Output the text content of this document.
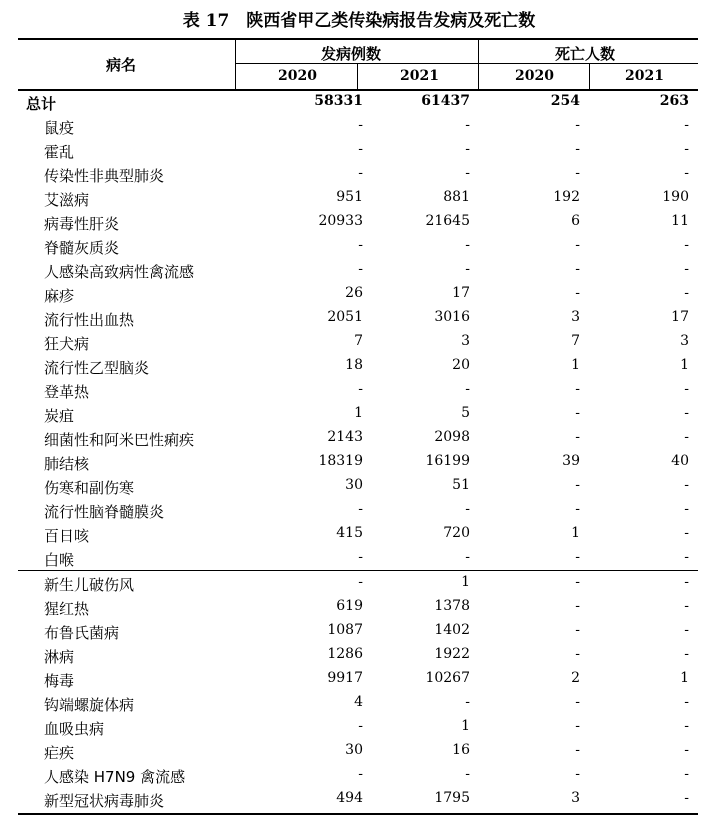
表 17　陕西省甲乙类传染病报告发病及死亡数
病名
发病例数	死亡人数
2020	2021	2020	2021
总计	58331	61437	254	263
鼠疫	-	-	-	-
霍乱	-	-	-	-
传染性非典型肺炎	-	-	-	-
艾滋病	951	881	192	190
病毒性肝炎	20933	21645	6	11
脊髓灰质炎	-	-	-	-
人感染高致病性禽流感	-	-	-	-
麻疹	26	17	-	-
流行性出血热	2051	3016	3	17
狂犬病	7	3	7	3
流行性乙型脑炎	18	20	1	1
登革热	-	-	-	-
炭疽	1	5	-	-
细菌性和阿米巴性痢疾	2143	2098	-	-
肺结核	18319	16199	39	40
伤寒和副伤寒	30	51	-	-
流行性脑脊髓膜炎	-	-	-	-
百日咳	415	720	1	-
白喉	-	-	-	-
新生儿破伤风	-	1	-	-
猩红热	619	1378	-	-
布鲁氏菌病	1087	1402	-	-
淋病	1286	1922	-	-
梅毒	9917	10267	2	1
钩端螺旋体病	4	-	-	-
血吸虫病	-	1	-	-
疟疾	30	16	-	-
人感染 H7N9 禽流感	-	-	-	-
新型冠状病毒肺炎	494	1795	3	-
